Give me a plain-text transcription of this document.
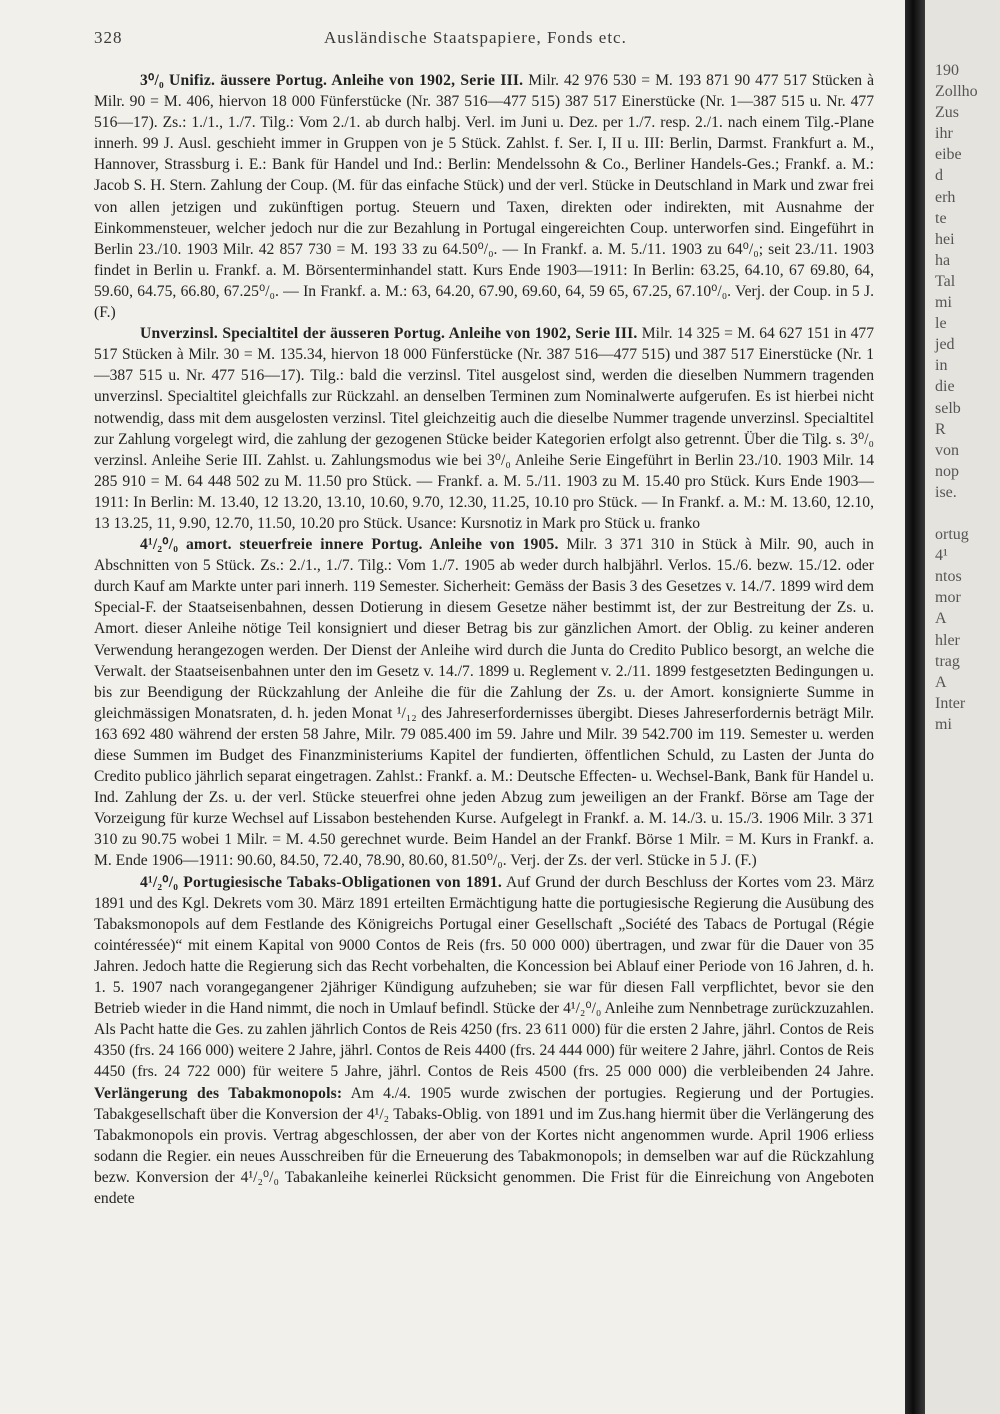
328	Ausländische Staatspapiere, Fonds etc.

3⁰/₀ Unifiz. äussere Portug. Anleihe von 1902, Serie III. Milr. 42 976 530 = M. 193 871 90 477 517 Stücken à Milr. 90 = M. 406, hiervon 18 000 Fünferstücke (Nr. 387 516—477 515) 387 517 Einerstücke (Nr. 1—387 515 u. Nr. 477 516—17). Zs.: 1./1., 1./7. Tilg.: Vom 2./1. ab durch halbj. Verl. im Juni u. Dez. per 1./7. resp. 2./1. nach einem Tilg.-Plane innerh. 99 J. Ausl. geschieht immer in Gruppen von je 5 Stück. Zahlst. f. Ser. I, II u. III: Berlin, Darmst. Frankfurt a. M., Hannover, Strassburg i. E.: Bank für Handel und Ind.: Berlin: Mendelssohn & Co., Berliner Handels-Ges.; Frankf. a. M.: Jacob S. H. Stern. Zahlung der Coup. (M. für das einfache Stück) und der verl. Stücke in Deutschland in Mark und zwar frei von allen jetzigen und zukünftigen portug. Steuern und Taxen, direkten oder indirekten, mit Ausnahme der Einkommensteuer, welcher jedoch nur die zur Bezahlung in Portugal eingereichten Coup. unterworfen sind. Eingeführt in Berlin 23./10. 1903 Milr. 42 857 730 = M. 193 33 zu 64.50⁰/₀. — In Frankf. a. M. 5./11. 1903 zu 64⁰/₀; seit 23./11. 1903 findet in Berlin u. Frankf. a. M. Börsenterminhandel statt. Kurs Ende 1903—1911: In Berlin: 63.25, 64.10, 67 69.80, 64, 59.60, 64.75, 66.80, 67.25⁰/₀. — In Frankf. a. M.: 63, 64.20, 67.90, 69.60, 64, 59 65, 67.25, 67.10⁰/₀. Verj. der Coup. in 5 J. (F.)

Unverzinsl. Specialtitel der äusseren Portug. Anleihe von 1902, Serie III. Milr. 14 325 = M. 64 627 151 in 477 517 Stücken à Milr. 30 = M. 135.34, hiervon 18 000 Fünferstücke (Nr. 387 516—477 515) und 387 517 Einerstücke (Nr. 1—387 515 u. Nr. 477 516—17). Tilg.: bald die verzinsl. Titel ausgelost sind, werden die dieselben Nummern tragenden unverzinsl. Specialtitel gleichfalls zur Rückzahl. an denselben Terminen zum Nominalwerte aufgerufen. Es ist hierbei nicht notwendig, dass mit dem ausgelosten verzinsl. Titel gleichzeitig auch die dieselbe Nummer tragende unverzinsl. Specialtitel zur Zahlung vorgelegt wird, die zahlung der gezogenen Stücke beider Kategorien erfolgt also getrennt. Über die Tilg. s. 3⁰/₀ verzinsl. Anleihe Serie III. Zahlst. u. Zahlungsmodus wie bei 3⁰/₀ Anleihe Serie Eingeführt in Berlin 23./10. 1903 Milr. 14 285 910 = M. 64 448 502 zu M. 11.50 pro Stück. — Frankf. a. M. 5./11. 1903 zu M. 15.40 pro Stück. Kurs Ende 1903—1911: In Berlin: M. 13.40, 12 13.20, 13.10, 10.60, 9.70, 12.30, 11.25, 10.10 pro Stück. — In Frankf. a. M.: M. 13.60, 12.10, 13 13.25, 11, 9.90, 12.70, 11.50, 10.20 pro Stück. Usance: Kursnotiz in Mark pro Stück u. franko

4¹/₂⁰/₀ amort. steuerfreie innere Portug. Anleihe von 1905. Milr. 3 371 310 in Stück à Milr. 90, auch in Abschnitten von 5 Stück. Zs.: 2./1., 1./7. Tilg.: Vom 1./7. 1905 ab weder durch halbjährl. Verlos. 15./6. bezw. 15./12. oder durch Kauf am Markte unter pari innerh. 119 Semester. Sicherheit: Gemäss der Basis 3 des Gesetzes v. 14./7. 1899 wird dem Special-F. der Staatseisenbahnen, dessen Dotierung in diesem Gesetze näher bestimmt ist, der zur Bestreitung der Zs. u. Amort. dieser Anleihe nötige Teil konsigniert und dieser Betrag bis zur gänzlichen Amort. der Oblig. zu keiner anderen Verwendung herangezogen werden. Der Dienst der Anleihe wird durch die Junta do Credito Publico besorgt, an welche die Verwalt. der Staatseisenbahnen unter den im Gesetz v. 14./7. 1899 u. Reglement v. 2./11. 1899 festgesetzten Bedingungen u. bis zur Beendigung der Rückzahlung der Anleihe die für die Zahlung der Zs. u. der Amort. konsignierte Summe in gleichmässigen Monatsraten, d. h. jeden Monat ¹/₁₂ des Jahreserfordernisses übergibt. Dieses Jahreserfordernis beträgt Milr. 163 692 480 während der ersten 58 Jahre, Milr. 79 085.400 im 59. Jahre und Milr. 39 542.700 im 119. Semester u. werden diese Summen im Budget des Finanzministeriums Kapitel der fundierten, öffentlichen Schuld, zu Lasten der Junta do Credito publico jährlich separat eingetragen. Zahlst.: Frankf. a. M.: Deutsche Effecten- u. Wechsel-Bank, Bank für Handel u. Ind. Zahlung der Zs. u. der verl. Stücke steuerfrei ohne jeden Abzug zum jeweiligen an der Frankf. Börse am Tage der Vorzeigung für kurze Wechsel auf Lissabon bestehenden Kurse. Aufgelegt in Frankf. a. M. 14./3. u. 15./3. 1906 Milr. 3 371 310 zu 90.75 wobei 1 Milr. = M. 4.50 gerechnet wurde. Beim Handel an der Frankf. Börse 1 Milr. = M. Kurs in Frankf. a. M. Ende 1906—1911: 90.60, 84.50, 72.40, 78.90, 80.60, 81.50⁰/₀. Verj. der Zs. der verl. Stücke in 5 J. (F.)

4¹/₂⁰/₀ Portugiesische Tabaks-Obligationen von 1891. Auf Grund der durch Beschluss der Kortes vom 23. März 1891 und des Kgl. Dekrets vom 30. März 1891 erteilten Ermächtigung hatte die portugiesische Regierung die Ausübung des Tabaksmonopols auf dem Festlande des Königreichs Portugal einer Gesellschaft „Société des Tabacs de Portugal (Régie cointéressée)“ mit einem Kapital von 9000 Contos de Reis (frs. 50 000 000) übertragen, und zwar für die Dauer von 35 Jahren. Jedoch hatte die Regierung sich das Recht vorbehalten, die Koncession bei Ablauf einer Periode von 16 Jahren, d. h. 1. 5. 1907 nach vorangegangener 2jähriger Kündigung aufzuheben; sie war für diesen Fall verpflichtet, bevor sie den Betrieb wieder in die Hand nimmt, die noch in Umlauf befindl. Stücke der 4¹/₂⁰/₀ Anleihe zum Nennbetrage zurückzuzahlen. Als Pacht hatte die Ges. zu zahlen jährlich Contos de Reis 4250 (frs. 23 611 000) für die ersten 2 Jahre, jährl. Contos de Reis 4350 (frs. 24 166 000) weitere 2 Jahre, jährl. Contos de Reis 4400 (frs. 24 444 000) für weitere 2 Jahre, jährl. Contos de Reis 4450 (frs. 24 722 000) für weitere 5 Jahre, jährl. Contos de Reis 4500 (frs. 25 000 000) die verbleibenden 24 Jahre. Verlängerung des Tabakmonopols: Am 4./4. 1905 wurde zwischen der portugies. Regierung und der Portugies. Tabakgesellschaft über die Konversion der 4¹/₂ Tabaks-Oblig. von 1891 und im Zus.hang hiermit über die Verlängerung des Tabakmonopols ein provis. Vertrag abgeschlossen, der aber von der Kortes nicht angenommen wurde. April 1906 erliess sodann die Regier. ein neues Ausschreiben für die Erneuerung des Tabakmonopols; in demselben war auf die Rückzahlung bezw. Konversion der 4¹/₂⁰/₀ Tabakanleihe keinerlei Rücksicht genommen. Die Frist für die Einreichung von Angeboten endete

190
Zollho
Zus
ihr
eibe
d
erh
te
hei
ha
Tal
mi
le
jed
in
die
selb
R
von
nop
ise.

ortug
4¹
ntos
mor
A
hler
trag
A
Inter
mi
